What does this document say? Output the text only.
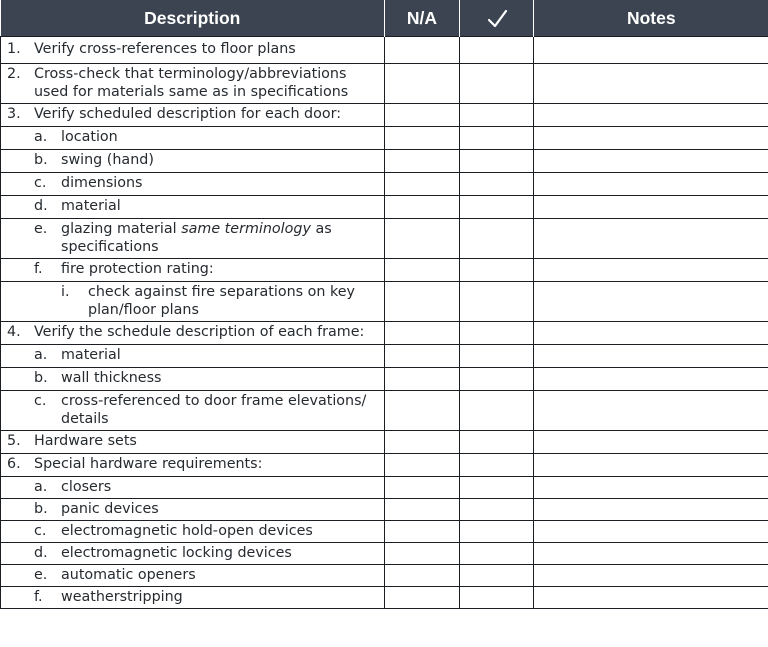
Description	N/A		Notes

1. Verify cross-references to floor plans			

2. Cross-check that terminology/abbreviations used for materials same as in specifications			

3. Verify scheduled description for each door:			

a. location			

b. swing (hand)			

c. dimensions			

d. material			

e. glazing material same terminology as specifications			

f. fire protection rating:			

i. check against fire separations on key plan/floor plans			

4. Verify the schedule description of each frame:			

a. material			

b. wall thickness			

c. cross-referenced to door frame elevations/ details			

5. Hardware sets			

6. Special hardware requirements:			

a. closers			

b. panic devices			

c. electromagnetic hold-open devices			

d. electromagnetic locking devices			

e. automatic openers			

f. weatherstripping			
